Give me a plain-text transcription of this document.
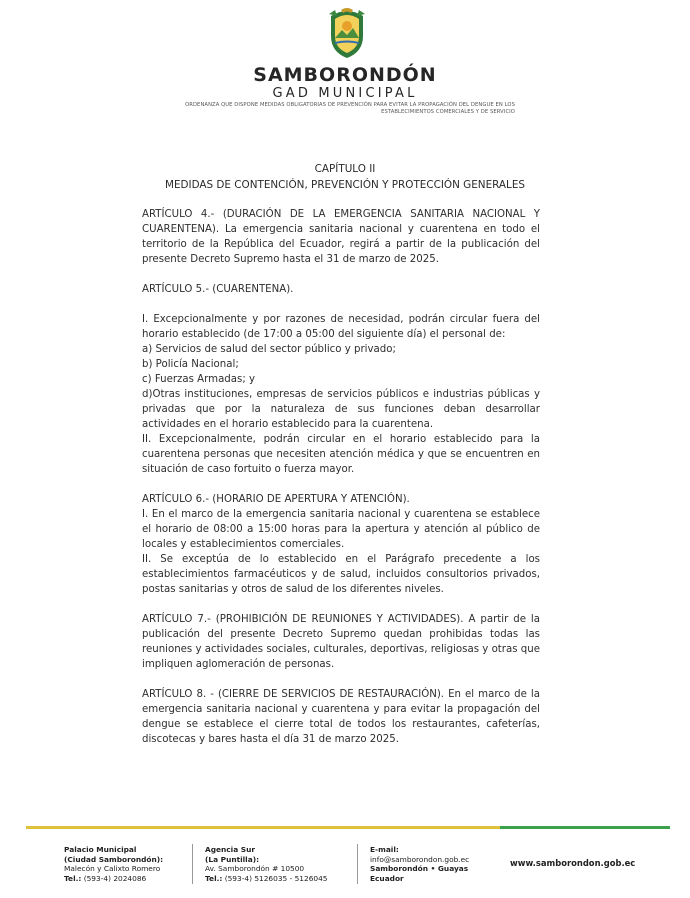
SAMBORONDÓN
GAD MUNICIPAL
ORDENANZA QUE DISPONE MEDIDAS OBLIGATORIAS DE PREVENCIÓN PARA EVITAR LA PROPAGACIÓN DEL DENGUE EN LOS
ESTABLECIMIENTOS COMERCIALES Y DE SERVICIO
CAPÍTULO II
MEDIDAS DE CONTENCIÓN, PREVENCIÓN Y PROTECCIÓN GENERALES

ARTÍCULO 4.- (DURACIÓN DE LA EMERGENCIA SANITARIA NACIONAL Y CUARENTENA). La emergencia sanitaria nacional y cuarentena en todo el territorio de la República del Ecuador, regirá a partir de la publicación del presente Decreto Supremo hasta el 31 de marzo de 2025.

ARTÍCULO 5.- (CUARENTENA).

I. Excepcionalmente y por razones de necesidad, podrán circular fuera del horario establecido (de 17:00 a 05:00 del siguiente día) el personal de:

a) Servicios de salud del sector público y privado;

b) Policía Nacional;

c) Fuerzas Armadas; y

d)Otras instituciones, empresas de servicios públicos e industrias públicas y privadas que por la naturaleza de sus funciones deban desarrollar actividades en el horario establecido para la cuarentena.

II. Excepcionalmente, podrán circular en el horario establecido para la cuarentena personas que necesiten atención médica y que se encuentren en situación de caso fortuito o fuerza mayor.

ARTÍCULO 6.- (HORARIO DE APERTURA Y ATENCIÓN).

I. En el marco de la emergencia sanitaria nacional y cuarentena se establece el horario de 08:00 a 15:00 horas para la apertura y atención al público de locales y establecimientos comerciales.

II. Se exceptúa de lo establecido en el Parágrafo precedente a los establecimientos farmacéuticos y de salud, incluidos consultorios privados, postas sanitarias y otros de salud de los diferentes niveles.

ARTÍCULO 7.- (PROHIBICIÓN DE REUNIONES Y ACTIVIDADES). A partir de la publicación del presente Decreto Supremo quedan prohibidas todas las reuniones y actividades sociales, culturales, deportivas, religiosas y otras que impliquen aglomeración de personas.

ARTÍCULO 8. - (CIERRE DE SERVICIOS DE RESTAURACIÓN). En el marco de la emergencia sanitaria nacional y cuarentena y para evitar la propagación del dengue se establece el cierre total de todos los restaurantes, cafeterías, discotecas y bares hasta el día 31 de marzo 2025.

Palacio Municipal
(Ciudad Samborondón):
Malecón y Calixto Romero
Tel.: (593-4) 2024086
Agencia Sur
(La Puntilla):
Av. Samborondón # 10500
Tel.: (593-4) 5126035 - 5126045
E-mail:
info@samborondon.gob.ec
Samborondón • Guayas
Ecuador
www.samborondon.gob.ec
